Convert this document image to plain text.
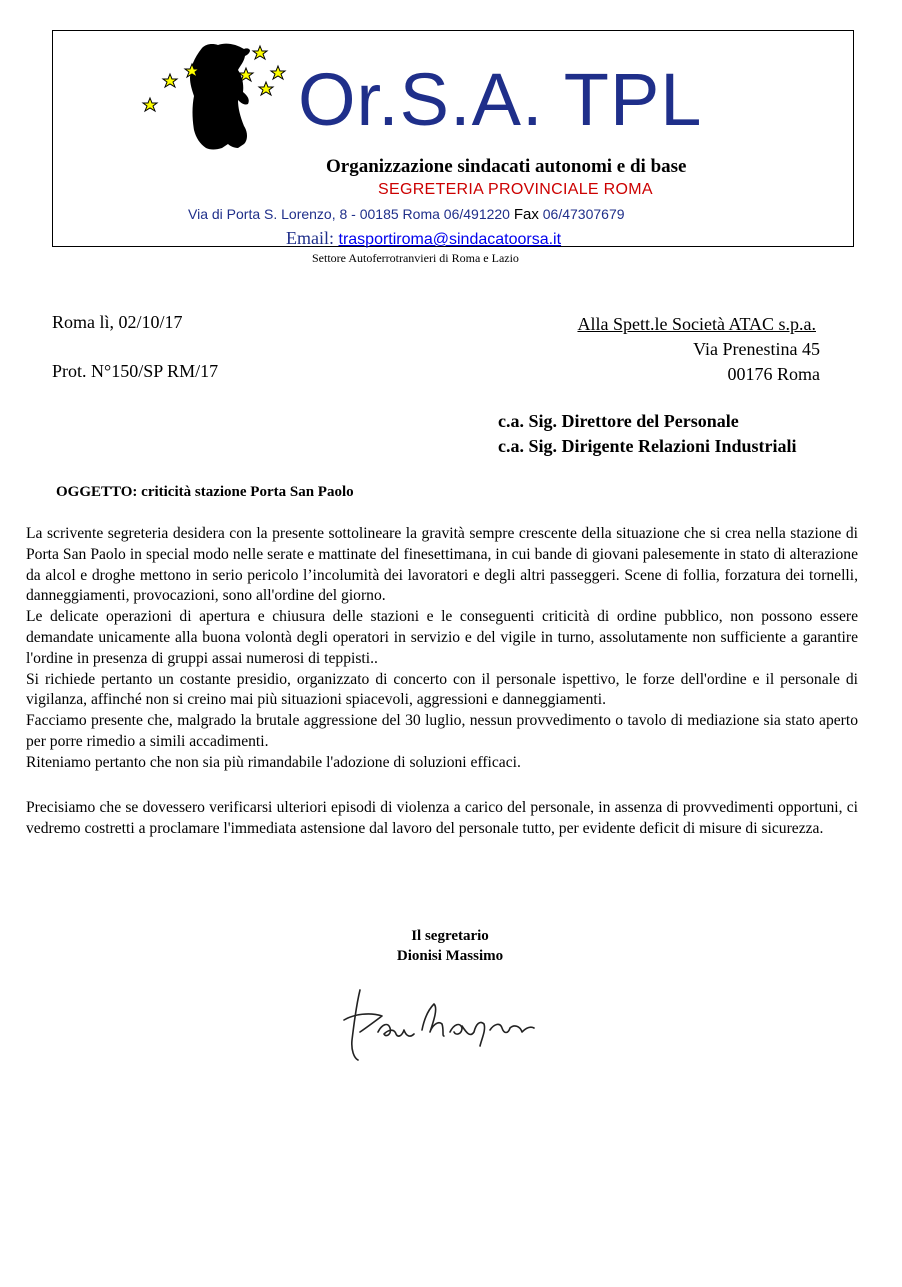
Or.S.A. TPL
Organizzazione sindacati autonomi e di base
SEGRETERIA PROVINCIALE ROMA
Via di Porta S. Lorenzo, 8 - 00185 Roma 06/491220 Fax 06/47307679
Email: trasportiroma@sindacatoorsa.it
Settore Autoferrotranvieri di Roma e Lazio
Roma lì, 02/10/17
Prot. N°150/SP RM/17
Alla Spett.le Società ATAC s.p.a.
Via Prenestina 45
00176 Roma
c.a. Sig. Direttore del Personale
c.a. Sig. Dirigente Relazioni Industriali
OGGETTO: criticità stazione Porta San Paolo

La scrivente segreteria desidera con la presente sottolineare la gravità sempre crescente della situazione che si crea nella stazione di Porta San Paolo in special modo nelle serate e mattinate del finesettimana, in cui bande di giovani palesemente in stato di alterazione da alcol e droghe mettono in serio pericolo l’incolumità dei lavoratori e degli altri passeggeri. Scene di follia, forzatura dei tornelli, danneggiamenti, provocazioni, sono all'ordine del giorno.

Le delicate operazioni di apertura e chiusura delle stazioni e le conseguenti criticità di ordine pubblico, non possono essere demandate unicamente alla buona volontà degli operatori in servizio e del vigile in turno, assolutamente non sufficiente a garantire l'ordine in presenza di gruppi assai numerosi di teppisti..

Si richiede pertanto un costante presidio, organizzato di concerto con il personale ispettivo, le forze dell'ordine e il personale di vigilanza, affinché non si creino mai più situazioni spiacevoli, aggressioni e danneggiamenti.

Facciamo presente che, malgrado la brutale aggressione del 30 luglio, nessun provvedimento o tavolo di mediazione sia stato aperto per porre rimedio a simili accadimenti.

Riteniamo pertanto che non sia più rimandabile l'adozione di soluzioni efficaci.

Precisiamo che se dovessero verificarsi ulteriori episodi di violenza a carico del personale, in assenza di provvedimenti opportuni, ci vedremo costretti a proclamare l'immediata astensione dal lavoro del personale tutto, per evidente deficit di misure di sicurezza.
Il segretario
Dionisi Massimo
